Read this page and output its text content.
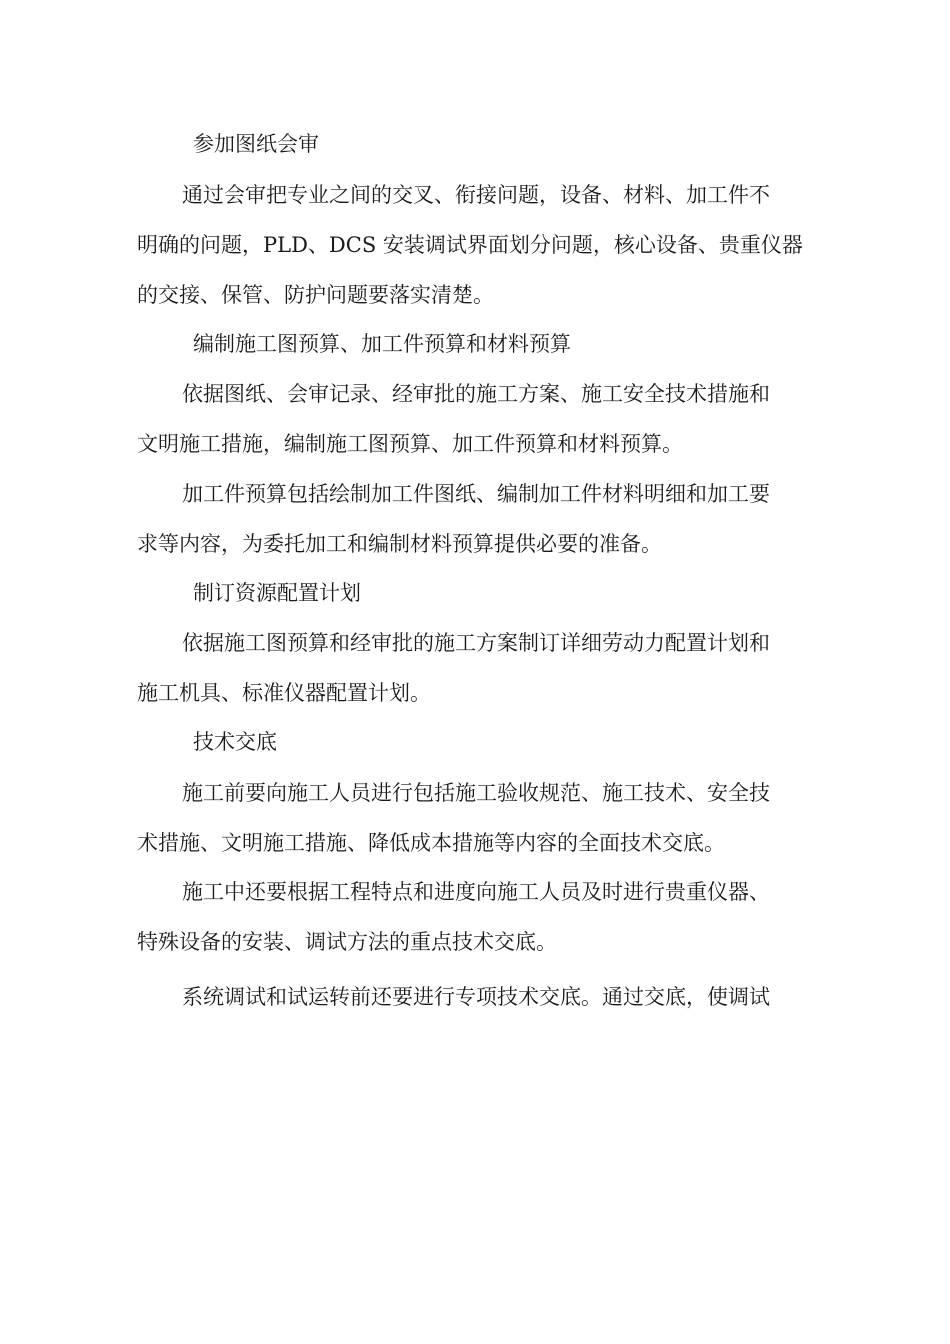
参加图纸会审

通过会审把专业之间的交叉、衔接问题，设备、材料、加工件不

明确的问题，PLD、DCS 安装调试界面划分问题，核心设备、贵重仪器

的交接、保管、防护问题要落实清楚。

编制施工图预算、加工件预算和材料预算

依据图纸、会审记录、经审批的施工方案、施工安全技术措施和

文明施工措施，编制施工图预算、加工件预算和材料预算。

加工件预算包括绘制加工件图纸、编制加工件材料明细和加工要

求等内容，为委托加工和编制材料预算提供必要的准备。

制订资源配置计划

依据施工图预算和经审批的施工方案制订详细劳动力配置计划和

施工机具、标准仪器配置计划。

技术交底

施工前要向施工人员进行包括施工验收规范、施工技术、安全技

术措施、文明施工措施、降低成本措施等内容的全面技术交底。

施工中还要根据工程特点和进度向施工人员及时进行贵重仪器、

特殊设备的安装、调试方法的重点技术交底。

系统调试和试运转前还要进行专项技术交底。通过交底，使调试
